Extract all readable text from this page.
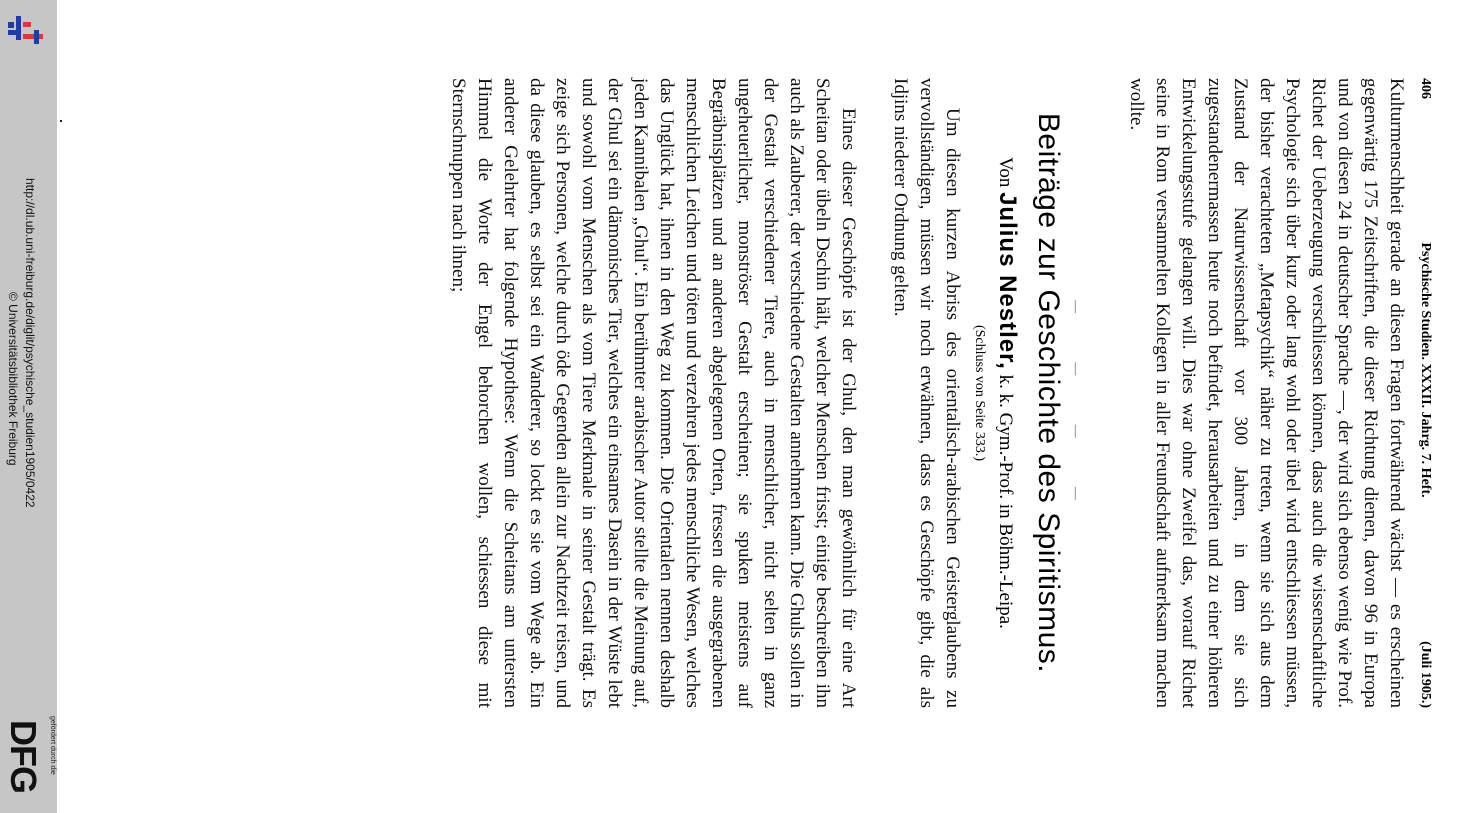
http://dl.ub.uni-freiburg.de/diglit/psychische_studien1905/0422
© Universitätsbibliothek Freiburg
gefördert durch die
DFG
406
Psychische Studien. XXXII. Jahrg. 7. Heft.
(Juli 1905.)
Kulturmenschheit gerade an diesen Fragen fortwährend wächst — es erscheinen gegenwärtig 175 Zeitschriften, die dieser Richtung dienen, davon 96 in Europa und von diesen 24 in deutscher Sprache —, der wird sich ebenso wenig wie Prof. Richet der Ueberzeugung verschliessen können, dass auch die wissenschaftliche Psychologie sich über kurz oder lang wohl oder übel wird entschliessen müssen, der bisher verachteten „Metapsychik“ näher zu treten, wenn sie sich aus dem Zustand der Naturwissenschaft vor 300 Jahren, in dem sie sich zugestandenermassen heute noch befindet, herausarbeiten und zu einer höheren Entwickelungsstufe gelangen will. Dies war ohne Zweifel das, worauf Richet seine in Rom versammelten Kollegen in aller Freundschaft aufmerksam machen wollte.
—
—
—
—
Beiträge zur Geschichte des Spiritismus.
Von Julius Nestler, k. k. Gym.-Prof. in Böhm.-Leipa.
(Schluss von Seite 333.)
Um diesen kurzen Abriss des orientalisch-arabischen Geisterglaubens zu vervollständigen, müssen wir noch erwähnen, dass es Geschöpfe gibt, die als Idjins niederer Ordnung gelten.
Eines dieser Geschöpfe ist der Ghul, den man gewöhnlich für eine Art Scheitan oder übeln Dschin hält, welcher Menschen frisst; einige beschreiben ihn auch als Zauberer, der verschiedene Gestalten annehmen kann. Die Ghuls sollen in der Gestalt verschiedener Tiere, auch in menschlicher, nicht selten in ganz ungeheuerlicher, monströser Gestalt erscheinen; sie spuken meistens auf Begräbnisplätzen und an anderen abgelegenen Orten, fressen die ausgegrabenen menschlichen Leichen und töten und verzehren jedes menschliche Wesen, welches das Unglück hat, ihnen in den Weg zu kommen. Die Orientalen nennen deshalb jeden Kannibalen „Ghul“. Ein berühmter arabischer Autor stellte die Meinung auf, der Ghul sei ein dämonisches Tier, welches ein einsames Dasein in der Wüste lebt und sowohl vom Menschen als vom Tiere Merkmale in seiner Gestalt trägt. Es zeige sich Personen, welche durch öde Gegenden allein zur Nachtzeit reisen, und da diese glauben, es selbst sei ein Wanderer, so lockt es sie vom Wege ab. Ein anderer Gelehrter hat folgende Hypothese: Wenn die Scheitans am untersten Himmel die Worte der Engel behorchen wollen, schiessen diese mit Sternschnuppen nach ihnen;
